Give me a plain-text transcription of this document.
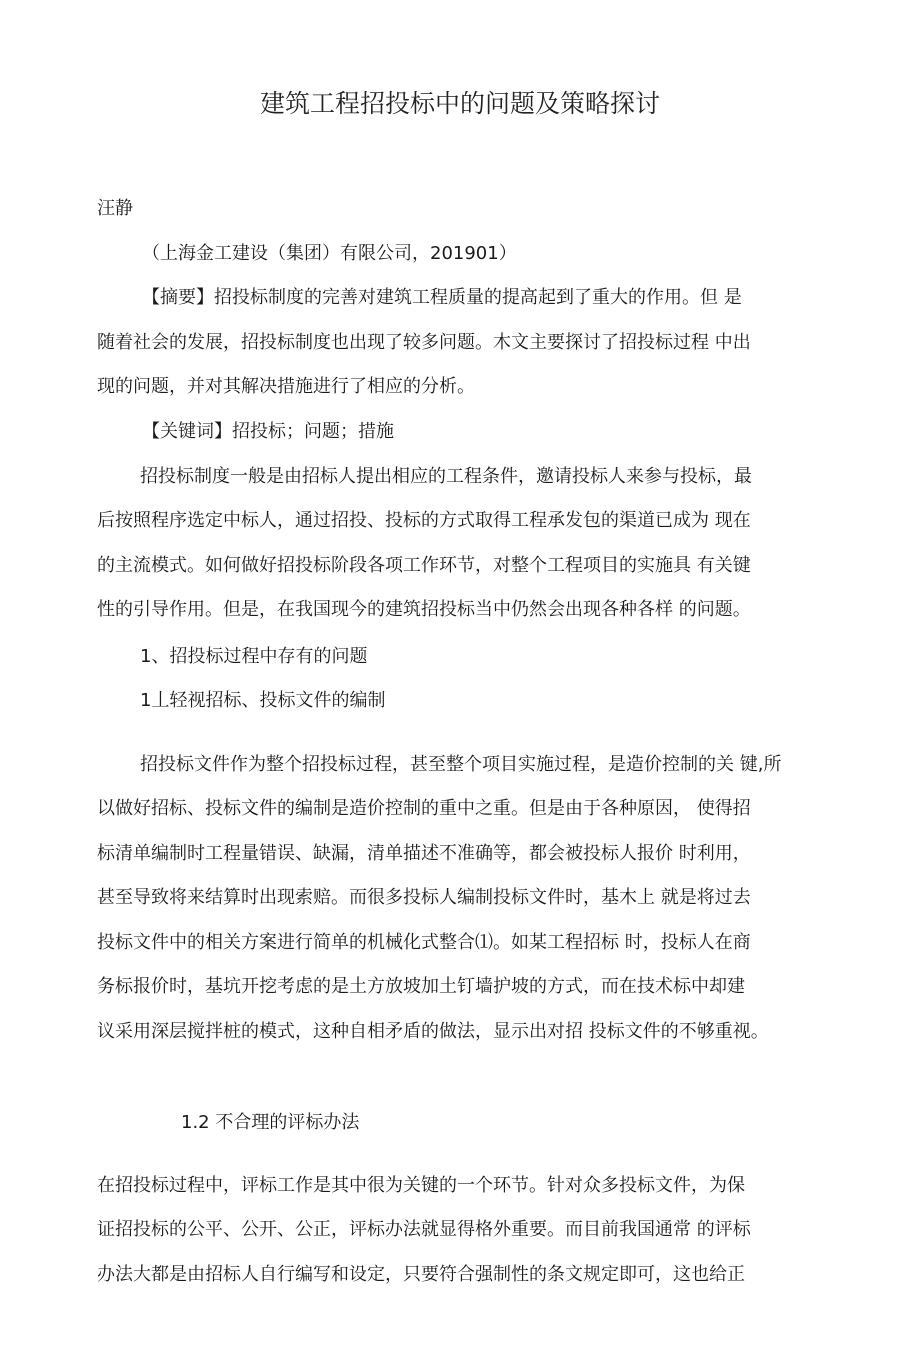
建筑工程招投标中的问题及策略探讨
汪静
（上海金工建设（集团）有限公司，201901）
【摘要】招投标制度的完善对建筑工程质量的提高起到了重大的作用。但 是
随着社会的发展，招投标制度也出现了较多问题。木文主要探讨了招投标过程 中出
现的问题，并对其解决措施进行了相应的分析。
【关键词】招投标；问题；措施
招投标制度一般是由招标人提出相应的工程条件，邀请投标人来参与投标，最
后按照程序选定中标人，通过招投、投标的方式取得工程承发包的渠道已成为 现在
的主流模式。如何做好招投标阶段各项工作环节，对整个工程项目的实施具 有关键
性的引导作用。但是，在我国现今的建筑招投标当中仍然会出现各种各样 的问题。
1、招投标过程中存有的问题
1丄轻视招标、投标文件的编制
招投标文件作为整个招投标过程，甚至整个项目实施过程，是造价控制的关 键,所
以做好招标、投标文件的编制是造价控制的重中之重。但是由于各种原因， 使得招
标清单编制时工程量错误、缺漏，清单描述不准确等，都会被投标人报价 时利用，
甚至导致将来结算时出现索赔。而很多投标人编制投标文件时，基木上 就是将过去
投标文件中的相关方案进行简单的机械化式整合⑴。如某工程招标 时，投标人在商
务标报价时，基坑开挖考虑的是土方放坡加土钉墙护坡的方式，而在技术标中却建
议采用深层搅拌桩的模式，这种自相矛盾的做法，显示出对招 投标文件的不够重视。
1.2 不合理的评标办法
在招投标过程中，评标工作是其中很为关键的一个环节。针对众多投标文件，为保
证招投标的公平、公开、公正，评标办法就显得格外重要。而目前我国通常 的评标
办法大都是由招标人自行编写和设定，只要符合强制性的条文规定即可，这也给正
